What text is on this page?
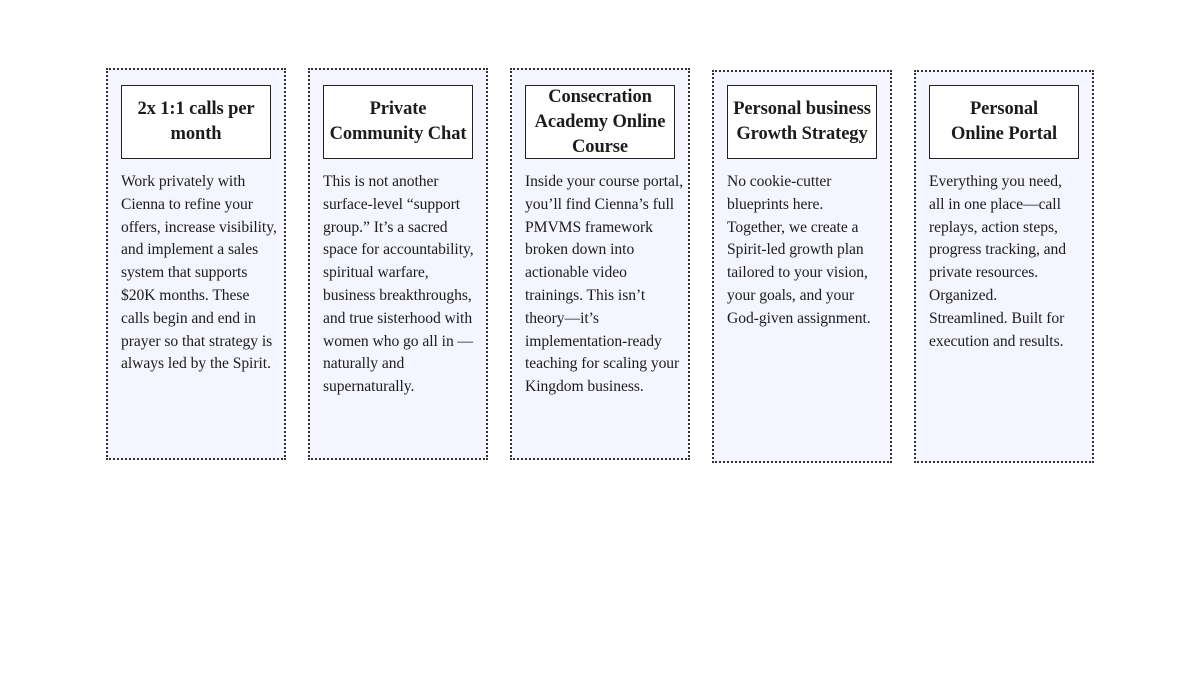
2x 1:1 calls per month
Work privately with Cienna to refine your offers, increase visibility, and implement a sales system that supports $20K months. These calls begin and end in prayer so that strategy is always led by the Spirit.
Private Community Chat
This is not another surface-level “support group.” It’s a sacred space for accountability, spiritual warfare, business breakthroughs, and true sisterhood with women who go all in —naturally and supernaturally.
Consecration Academy Online Course
Inside your course portal, you’ll find Cienna’s full PMVMS framework broken down into actionable video trainings. This isn’t theory—it’s implementation-ready teaching for scaling your Kingdom business.
Personal business Growth Strategy
No cookie-cutter blueprints here. Together, we create a Spirit-led growth plan tailored to your vision, your goals, and your God-given assignment.
Personal Online Portal
Everything you need, all in one place—call replays, action steps, progress tracking, and private resources. Organized. Streamlined. Built for execution and results.
